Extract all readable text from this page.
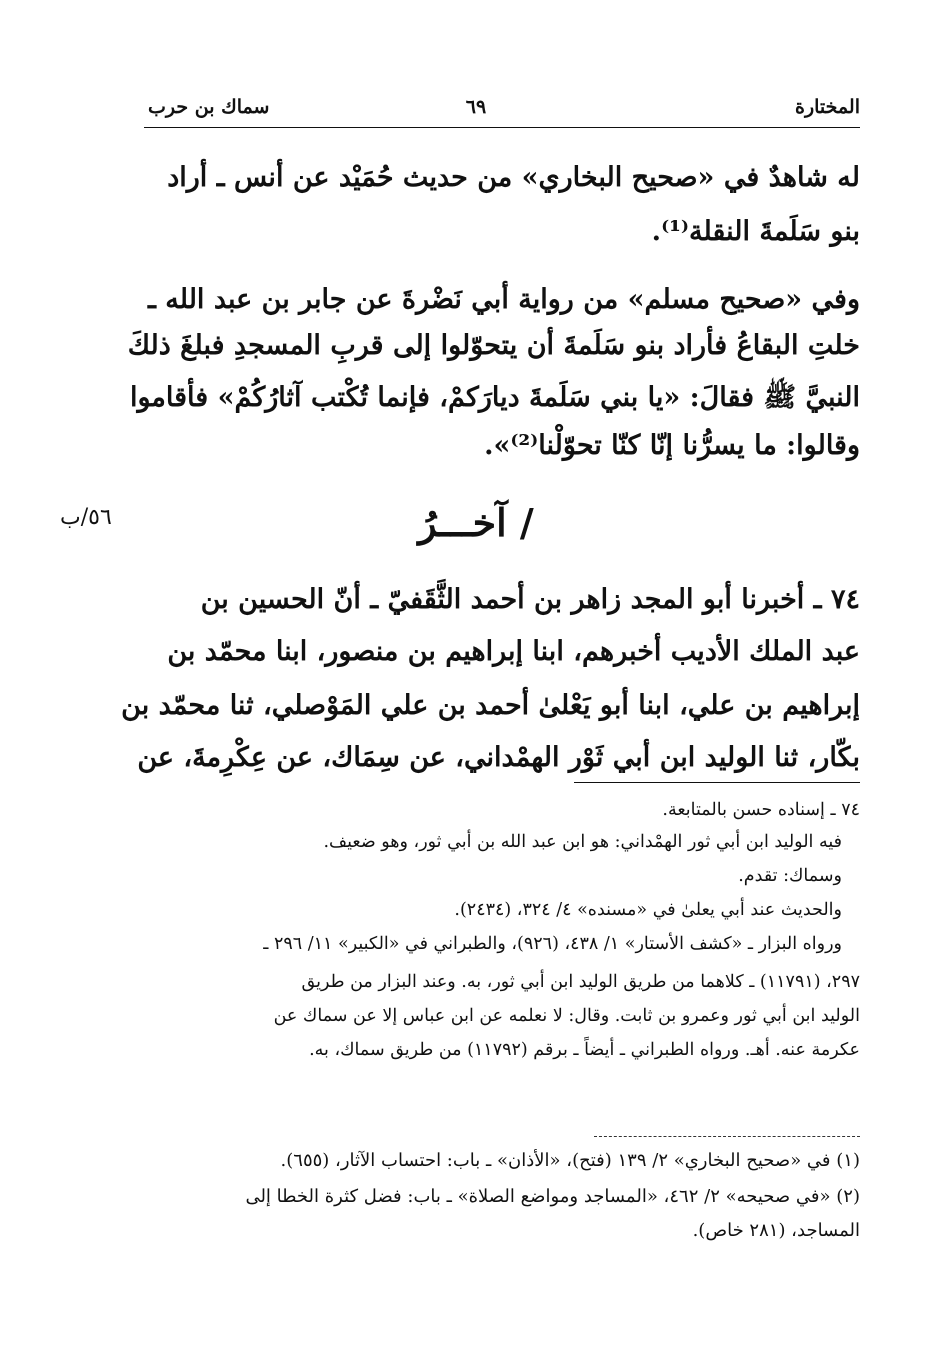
المختارة
٦٩
سماك بن حرب
له شاهدٌ في «صحيح البخاري» من حديث حُمَيْد عن أنس ـ أراد
بنو سَلَمةَ النقلة⁽¹⁾.
وفي «صحيح مسلم» من رواية أبي نَضْرةَ عن جابر بن عبد الله ـ
خلتِ البقاعُ فأراد بنو سَلَمةَ أن يتحوّلوا إلى قربِ المسجدِ فبلغَ ذلكَ
النبيَّ ﷺ فقالَ: «يا بني سَلَمةَ ديارَكمْ، فإنما تُكْتب آثارُكُمْ» فأقاموا
وقالوا: ما يسرُّنا إنّا كنّا تحوّلْنا⁽²⁾».
/ آخـــرُ
٥٦/ب
٧٤ ـ أخبرنا أبو المجد زاهر بن أحمد الثَّقَفيّ ـ أنّ الحسين بن
عبد الملك الأديب أخبرهم، ابنا إبراهيم بن منصور، ابنا محمّد بن
إبراهيم بن علي، ابنا أبو يَعْلىٰ أحمد بن علي المَوْصلي، ثنا محمّد بن
بكّار، ثنا الوليد ابن أبي ثَوْر الهمْداني، عن سِمَاك، عن عِكْرِمةَ، عن
٧٤ ـ إسناده حسن بالمتابعة.
فيه الوليد ابن أبي ثور الهمْداني: هو ابن عبد الله بن أبي ثور، وهو ضعيف.
وسماك: تقدم.
والحديث عند أبي يعلىٰ في «مسنده» ٤/ ٣٢٤، (٢٤٣٤).
ورواه البزار ـ «كشف الأستار» ١/ ٤٣٨، (٩٢٦)، والطبراني في «الكبير» ١١/ ٢٩٦ ـ
٢٩٧، (١١٧٩١) ـ كلاهما من طريق الوليد ابن أبي ثور، به. وعند البزار من طريق
الوليد ابن أبي ثور وعمرو بن ثابت. وقال: لا نعلمه عن ابن عباس إلا عن سماك عن
عكرمة عنه. أهـ. ورواه الطبراني ـ أيضاً ـ برقم (١١٧٩٢) من طريق سماك، به.
(١) في «صحيح البخاري» ٢/ ١٣٩ (فتح)، «الأذان» ـ باب: احتساب الآثار، (٦٥٥).
(٢) «في صحيحه» ٢/ ٤٦٢، «المساجد ومواضع الصلاة» ـ باب: فضل كثرة الخطا إلى
المساجد، (٢٨١ خاص).
